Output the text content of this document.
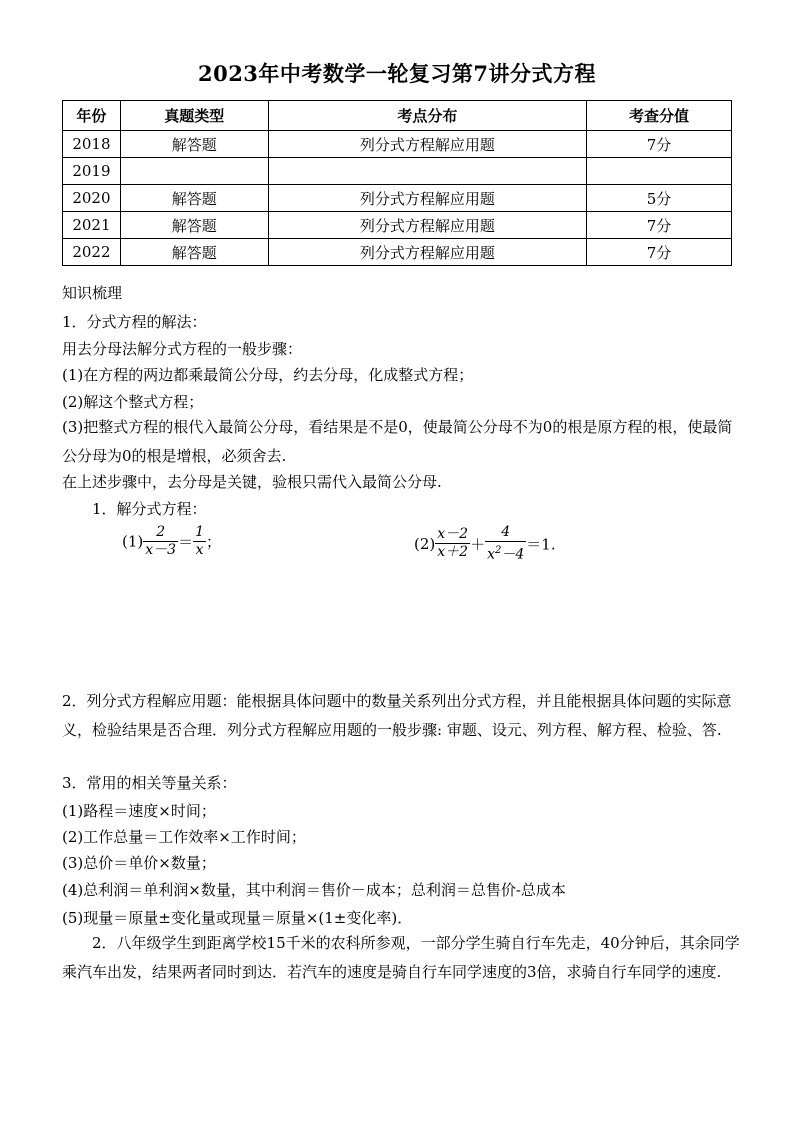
2023年中考数学一轮复习第7讲分式方程
年份	真题类型	考点分布	考查分值
2018	解答题	列分式方程解应用题	7分
2019			
2020	解答题	列分式方程解应用题	5分
2021	解答题	列分式方程解应用题	7分
2022	解答题	列分式方程解应用题	7分
知识梳理
1．分式方程的解法：
用去分母法解分式方程的一般步骤：
(1)在方程的两边都乘最简公分母，约去分母，化成整式方程；
(2)解这个整式方程；
(3)把整式方程的根代入最简公分母，看结果是不是0，使最简公分母不为0的根是原方程的根，使最简公分母为0的根是增根，必须舍去.
在上述步骤中，去分母是关键，验根只需代入最简公分母.
1．解分式方程：
$(1) \frac{2}{x-3} = \frac{1}{x}$ ；	$(2) \frac{x-2}{x+2} + \frac{4}{x^2-4} =1$.
2．列分式方程解应用题：能根据具体问题中的数量关系列出分式方程，并且能根据具体问题的实际意义，检验结果是否合理．列分式方程解应用题的一般步骤: 审题、设元、列方程、解方程、检验、答.
3．常用的相关等量关系：
(1)路程＝速度×时间；
(2)工作总量＝工作效率×工作时间；
(3)总价＝单价×数量；
(4)总利润＝单利润×数量，其中利润＝售价－成本；总利润＝总售价-总成本
(5)现量＝原量±变化量或现量＝原量×(1±变化率)．
2．八年级学生到距离学校15千米的农科所参观，一部分学生骑自行车先走，40分钟后，其余同学乘汽车出发，结果两者同时到达．若汽车的速度是骑自行车同学速度的3倍，求骑自行车同学的速度.
